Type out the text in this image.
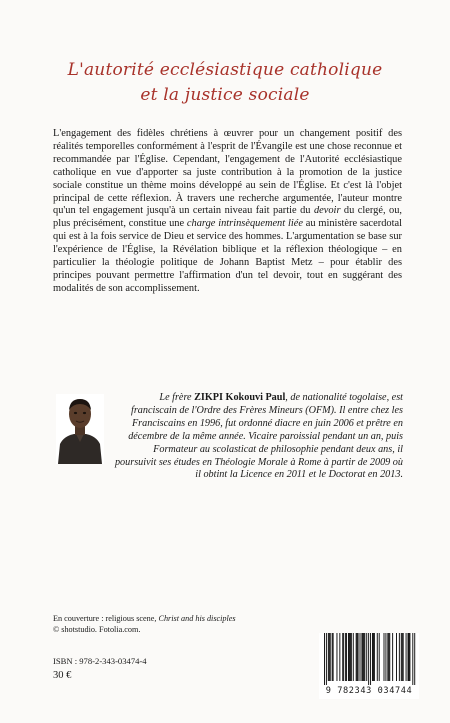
L'autorité ecclésiastique catholique
et la justice sociale
L'engagement des fidèles chrétiens à œuvrer pour un changement positif des réalités temporelles conformément à l'esprit de l'Évangile est une chose reconnue et recommandée par l'Église. Cependant, l'engagement de l'Autorité ecclésiastique catholique en vue d'apporter sa juste contribution à la promotion de la justice sociale constitue un thème moins développé au sein de l'Église. Et c'est là l'objet principal de cette réflexion. À travers une recherche argumentée, l'auteur montre qu'un tel engagement jusqu'à un certain niveau fait partie du devoir du clergé, ou, plus précisément, constitue une charge intrinsèquement liée au ministère sacerdotal qui est à la fois service de Dieu et service des hommes. L'argumentation se base sur l'expérience de l'Église, la Révélation biblique et la réflexion théologique – en particulier la théologie politique de Johann Baptist Metz – pour établir des principes pouvant permettre l'affirmation d'un tel devoir, tout en suggérant des modalités de son accomplissement.
Le frère ZIKPI Kokouvi Paul, de nationalité togolaise, est franciscain de l'Ordre des Frères Mineurs (OFM). Il entre chez les Franciscains en 1996, fut ordonné diacre en juin 2006 et prêtre en décembre de la même année. Vicaire paroissial pendant un an, puis Formateur au scolasticat de philosophie pendant deux ans, il poursuivit ses études en Théologie Morale à Rome à partir de 2009 où il obtint la Licence en 2011 et le Doctorat en 2013.
En couverture : religious scene, Christ and his disciples
© shotstudio. Fotolia.com.
ISBN : 978-2-343-03474-4
30 €
9 782343 034744
